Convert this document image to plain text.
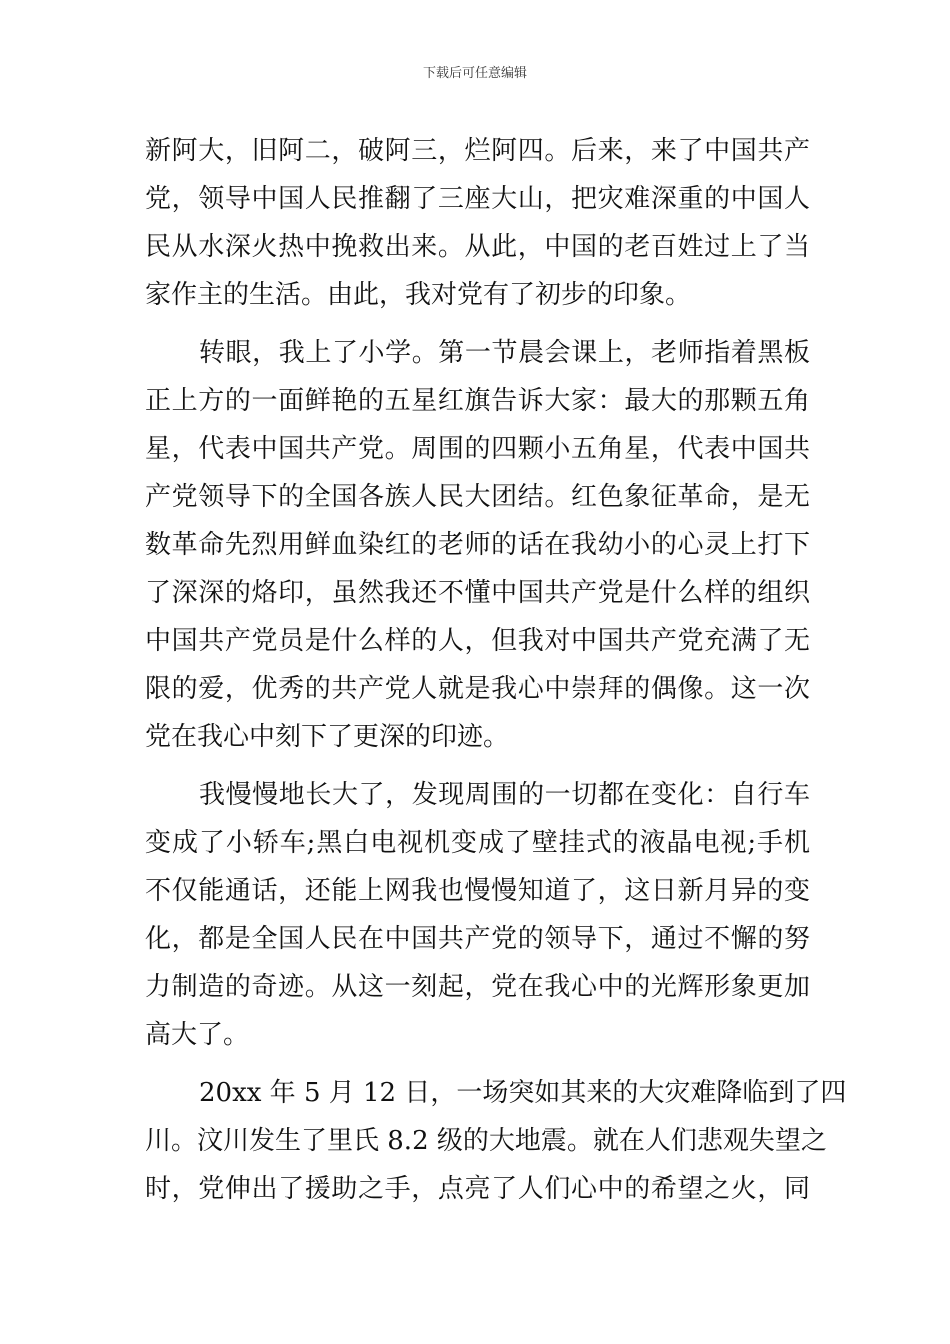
下载后可任意编辑
新阿大，旧阿二，破阿三，烂阿四。后来，来了中国共产
党，领导中国人民推翻了三座大山，把灾难深重的中国人
民从水深火热中挽救出来。从此，中国的老百姓过上了当
家作主的生活。由此，我对党有了初步的印象。
转眼，我上了小学。第一节晨会课上，老师指着黑板
正上方的一面鲜艳的五星红旗告诉大家：最大的那颗五角
星，代表中国共产党。周围的四颗小五角星，代表中国共
产党领导下的全国各族人民大团结。红色象征革命，是无
数革命先烈用鲜血染红的老师的话在我幼小的心灵上打下
了深深的烙印，虽然我还不懂中国共产党是什么样的组织
中国共产党员是什么样的人，但我对中国共产党充满了无
限的爱，优秀的共产党人就是我心中崇拜的偶像。这一次
党在我心中刻下了更深的印迹。
我慢慢地长大了，发现周围的一切都在变化：自行车
变成了小轿车;黑白电视机变成了壁挂式的液晶电视;手机
不仅能通话，还能上网我也慢慢知道了，这日新月异的变
化，都是全国人民在中国共产党的领导下，通过不懈的努
力制造的奇迹。从这一刻起，党在我心中的光辉形象更加
高大了。
20xx 年 5 月 12 日，一场突如其来的大灾难降临到了四
川。汶川发生了里氏 8.2 级的大地震。就在人们悲观失望之
时，党伸出了援助之手，点亮了人们心中的希望之火，同
